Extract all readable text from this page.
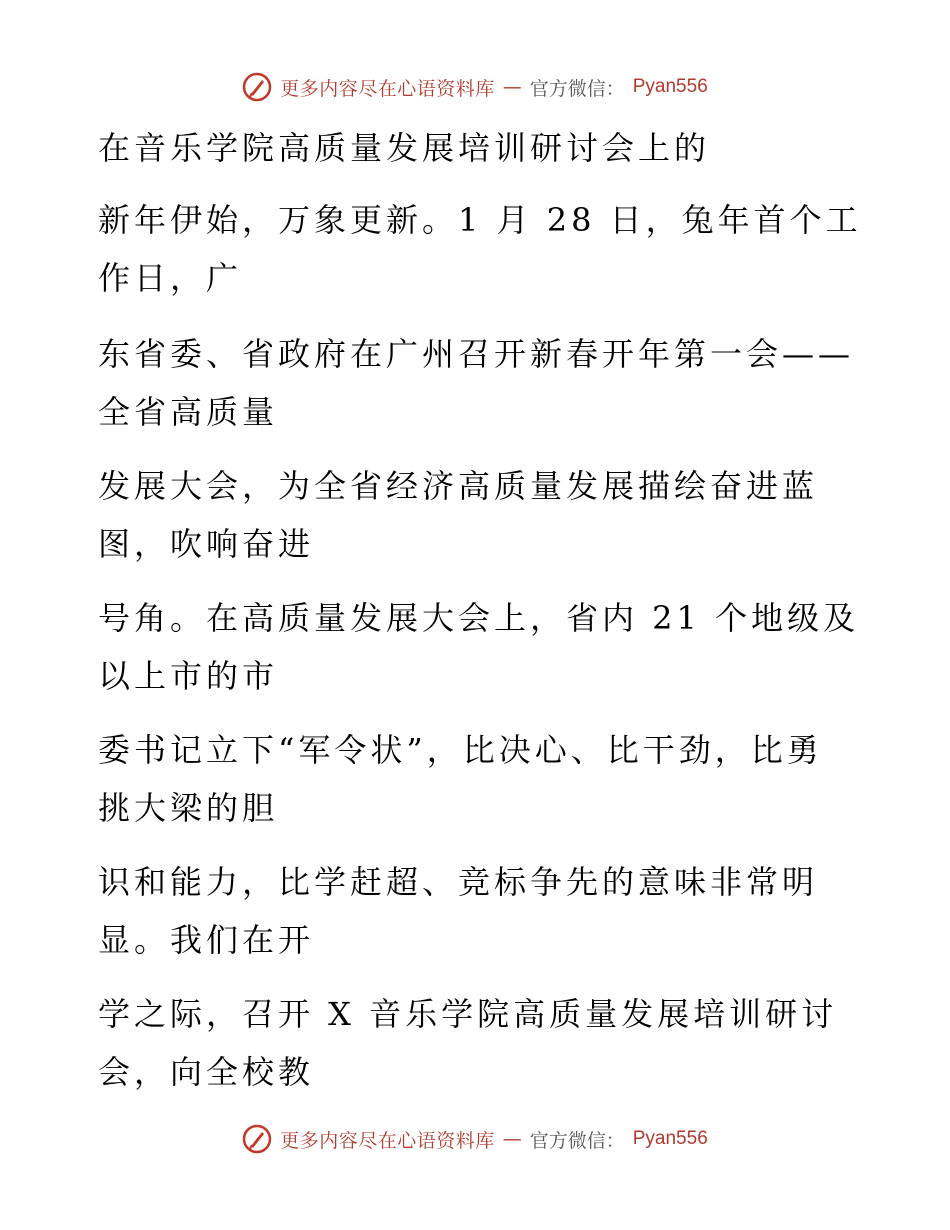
更多内容尽在心语资料库 — 官方微信： Pyan556
在音乐学院高质量发展培训研讨会上的
新年伊始，万象更新。1 月 28 日，兔年首个工
作日，广
东省委、省政府在广州召开新春开年第一会——
全省高质量
发展大会，为全省经济高质量发展描绘奋进蓝
图，吹响奋进
号角。在高质量发展大会上，省内 21 个地级及
以上市的市
委书记立下“军令状”，比决心、比干劲，比勇
挑大梁的胆
识和能力，比学赶超、竞标争先的意味非常明
显。我们在开
学之际，召开 X 音乐学院高质量发展培训研讨
会，向全校教
更多内容尽在心语资料库 — 官方微信： Pyan556
